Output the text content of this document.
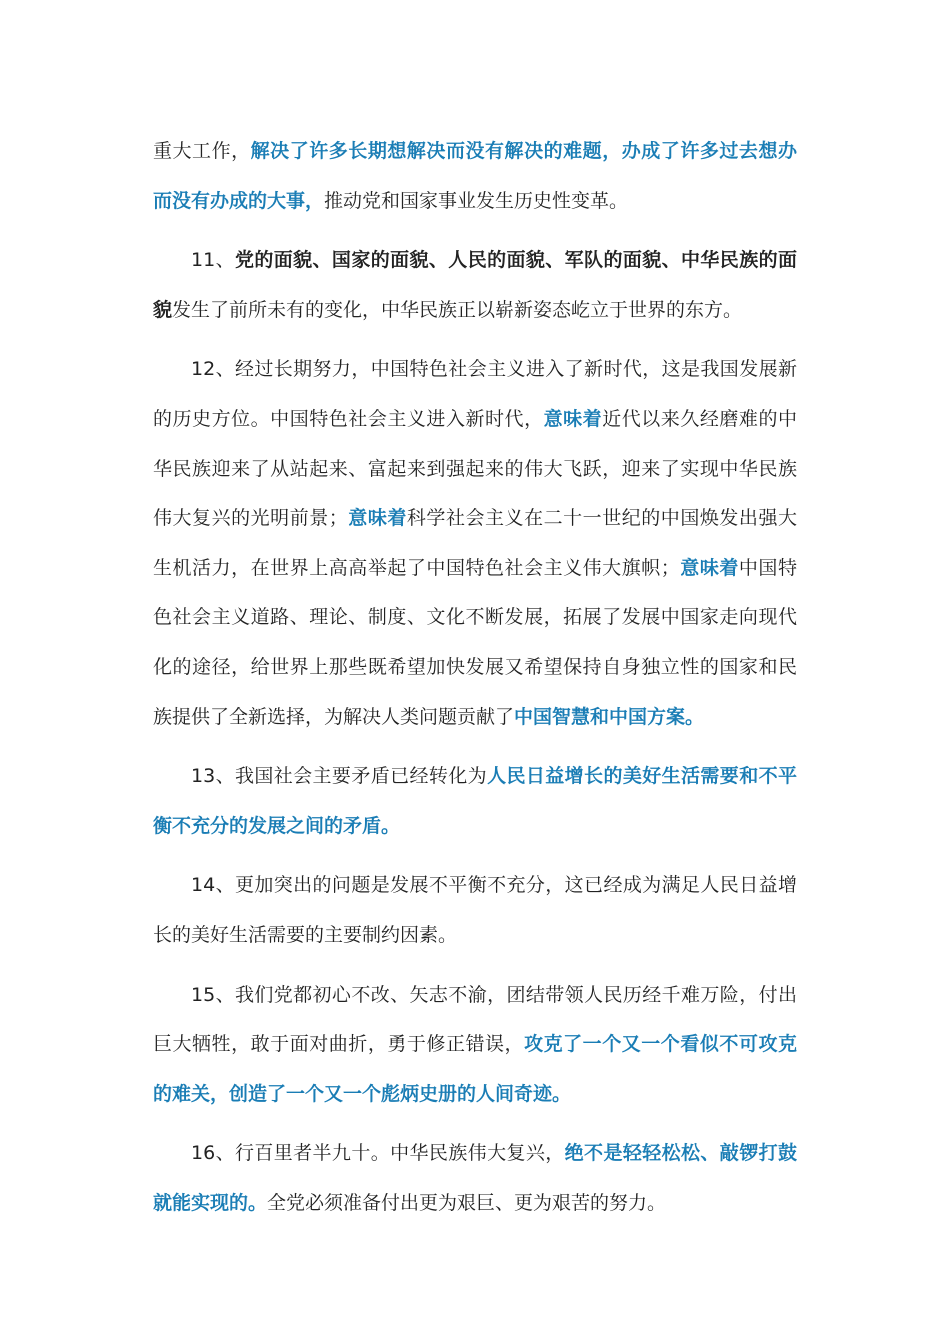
重大工作，解决了许多长期想解决而没有解决的难题，办成了许多过去想办而没有办成的大事，推动党和国家事业发生历史性变革。

11、党的面貌、国家的面貌、人民的面貌、军队的面貌、中华民族的面貌发生了前所未有的变化，中华民族正以崭新姿态屹立于世界的东方。

12、经过长期努力，中国特色社会主义进入了新时代，这是我国发展新的历史方位。中国特色社会主义进入新时代，意味着近代以来久经磨难的中华民族迎来了从站起来、富起来到强起来的伟大飞跃，迎来了实现中华民族伟大复兴的光明前景；意味着科学社会主义在二十一世纪的中国焕发出强大生机活力，在世界上高高举起了中国特色社会主义伟大旗帜；意味着中国特色社会主义道路、理论、制度、文化不断发展，拓展了发展中国家走向现代化的途径，给世界上那些既希望加快发展又希望保持自身独立性的国家和民族提供了全新选择，为解决人类问题贡献了中国智慧和中国方案。

13、我国社会主要矛盾已经转化为人民日益增长的美好生活需要和不平衡不充分的发展之间的矛盾。

14、更加突出的问题是发展不平衡不充分，这已经成为满足人民日益增长的美好生活需要的主要制约因素。

15、我们党都初心不改、矢志不渝，团结带领人民历经千难万险，付出巨大牺牲，敢于面对曲折，勇于修正错误，攻克了一个又一个看似不可攻克的难关，创造了一个又一个彪炳史册的人间奇迹。

16、行百里者半九十。中华民族伟大复兴，绝不是轻轻松松、敲锣打鼓就能实现的。全党必须准备付出更为艰巨、更为艰苦的努力。
